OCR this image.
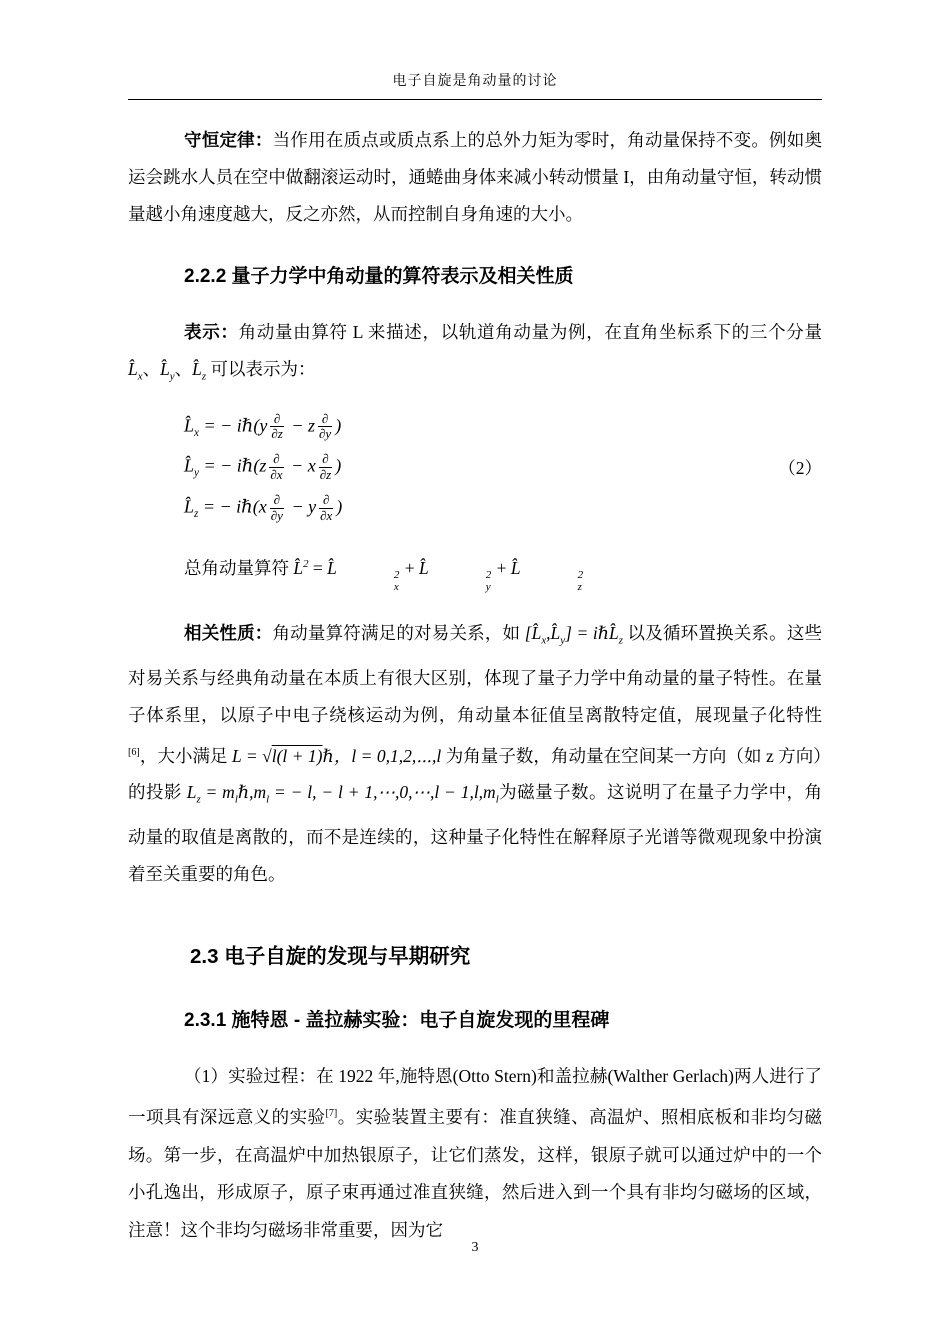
电子自旋是角动量的讨论

守恒定律：当作用在质点或质点系上的总外力矩为零时，角动量保持不变。例如奥运会跳水人员在空中做翻滚运动时，通蜷曲身体来减小转动惯量 I，由角动量守恒，转动惯量越小角速度越大，反之亦然，从而控制自身角速的大小。

2.2.2 量子力学中角动量的算符表示及相关性质

表示：角动量由算符 L 来描述，以轨道角动量为例，在直角坐标系下的三个分量 $L̂_x$、$L̂_y$、$L̂_z$ 可以表示为：

$L̂_x$ = − iℏ(y $\frac{\partial}{\partial z} - z \frac{\partial}{\partial y}$ )
$L̂_y$ = − iℏ(z $\frac{\partial}{\partial x} - x \frac{\partial}{\partial z}$ )
$L̂_z$ = − iℏ(x $\frac{\partial}{\partial y} - y \frac{\partial}{\partial x}$ )
（2）

总角动量算符 L̂$^2$ = L̂	2
x
+ L̂	2
y
+ L̂	2
z

相关性质：角动量算符满足的对易关系，如 $[L̂_x,L̂_y]$ = $i\hbar L̂_z$ 以及循环置换关系。这些对易关系与经典角动量在本质上有很大区别，体现了量子力学中角动量的量子特性。在量子体系里，以原子中电子绕核运动为例，角动量本征值呈离散特定值，展现量子化特性[6]，大小满足 L = √l(l + 1)ℏ，l = 0,1,2,⋯,l 为角量子数，角动量在空间某一方向（如 z 方向）的投影 $L_z$ = $m_l\hbar,m_l$ = − l, − l + 1,⋯,0,⋯,l − $1,l,m_l$为磁量子数。这说明了在量子力学中，角动量的取值是离散的，而不是连续的，这种量子化特性在解释原子光谱等微观现象中扮演着至关重要的角色。

2.3 电子自旋的发现与早期研究
2.3.1 施特恩 - 盖拉赫实验：电子自旋发现的里程碑

（1）实验过程：在 1922 年,施特恩(Otto Stern)和盖拉赫(Walther Gerlach)两人进行了一项具有深远意义的实验[7]。实验装置主要有：准直狭缝、高温炉、照相底板和非均匀磁场。第一步，在高温炉中加热银原子，让它们蒸发，这样，银原子就可以通过炉中的一个小孔逸出，形成原子，原子束再通过准直狭缝，然后进入到一个具有非均匀磁场的区域，注意！这个非均匀磁场非常重要，因为它

3
